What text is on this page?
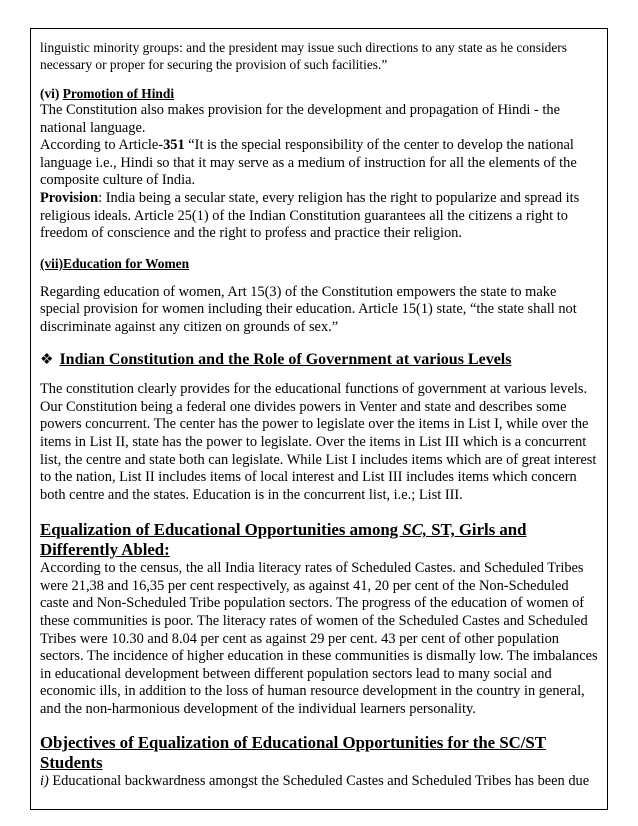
linguistic minority groups: and the president may issue such directions to any state as he considers necessary or proper for securing the provision of such facilities.”

(vi) Promotion of Hindi

The Constitution also makes provision for the development and propagation of Hindi - the national language.

According to Article-351 “It is the special responsibility of the center to develop the national language i.e., Hindi so that it may serve as a medium of instruction for all the elements of the composite culture of India.

Provision: India being a secular state, every religion has the right to popularize and spread its religious ideals. Article 25(1) of the Indian Constitution guarantees all the citizens a right to freedom of conscience and the right to profess and practice their religion.

(vii)Education for Women

Regarding education of women, Art 15(3) of the Constitution empowers the state to make special provision for women including their education. Article 15(1) state, “the state shall not discriminate against any citizen on grounds of sex.”

❖ Indian Constitution and the Role of Government at various Levels

The constitution clearly provides for the educational functions of government at various levels. Our Constitution being a federal one divides powers in Venter and state and describes some powers concurrent. The center has the power to legislate over the items in List I, while over the items in List II, state has the power to legislate. Over the items in List III which is a concurrent list, the centre and state both can legislate. While List I includes items which are of great interest to the nation, List II includes items of local interest and List III includes items which concern both centre and the states. Education is in the concurrent list, i.e.; List III.

Equalization of Educational Opportunities among SC, ST, Girls and Differently Abled:

According to the census, the all India literacy rates of Scheduled Castes. and Scheduled Tribes were 21,38 and 16,35 per cent respectively, as against 41, 20 per cent of the Non-Scheduled caste and Non-Scheduled Tribe population sectors. The progress of the education of women of these communities is poor. The literacy rates of women of the Scheduled Castes and Scheduled Tribes were 10.30 and 8.04 per cent as against 29 per cent. 43 per cent of other population sectors. The incidence of higher education in these communities is dismally low. The imbalances in educational development between different population sectors lead to many social and economic ills, in addition to the loss of human resource development in the country in general, and the non-harmonious development of the individual learners personality.

Objectives of Equalization of Educational Opportunities for the SC/ST Students

i) Educational backwardness amongst the Scheduled Castes and Scheduled Tribes has been due
